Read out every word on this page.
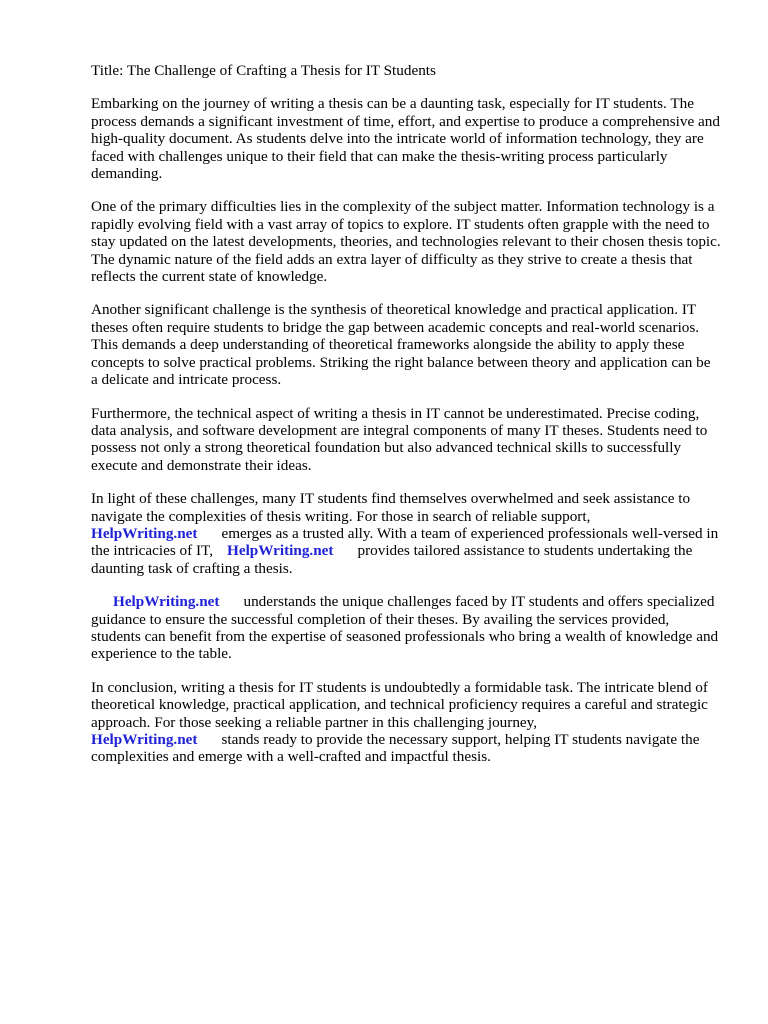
Title: The Challenge of Crafting a Thesis for IT Students

Embarking on the journey of writing a thesis can be a daunting task, especially for IT students. The process demands a significant investment of time, effort, and expertise to produce a comprehensive and high-quality document. As students delve into the intricate world of information technology, they are faced with challenges unique to their field that can make the thesis-writing process particularly demanding.

One of the primary difficulties lies in the complexity of the subject matter. Information technology is a rapidly evolving field with a vast array of topics to explore. IT students often grapple with the need to stay updated on the latest developments, theories, and technologies relevant to their chosen thesis topic. The dynamic nature of the field adds an extra layer of difficulty as they strive to create a thesis that reflects the current state of knowledge.

Another significant challenge is the synthesis of theoretical knowledge and practical application. IT theses often require students to bridge the gap between academic concepts and real-world scenarios. This demands a deep understanding of theoretical frameworks alongside the ability to apply these concepts to solve practical problems. Striking the right balance between theory and application can be a delicate and intricate process.

Furthermore, the technical aspect of writing a thesis in IT cannot be underestimated. Precise coding, data analysis, and software development are integral components of many IT theses. Students need to possess not only a strong theoretical foundation but also advanced technical skills to successfully execute and demonstrate their ideas.

In light of these challenges, many IT students find themselves overwhelmed and seek assistance to navigate the complexities of thesis writing. For those in search of reliable support,
HelpWriting.net emerges as a trusted ally. With a team of experienced professionals well-versed in the intricacies of IT, HelpWriting.net provides tailored assistance to students undertaking the daunting task of crafting a thesis.

HelpWriting.net understands the unique challenges faced by IT students and offers specialized guidance to ensure the successful completion of their theses. By availing the services provided, students can benefit from the expertise of seasoned professionals who bring a wealth of knowledge and experience to the table.

In conclusion, writing a thesis for IT students is undoubtedly a formidable task. The intricate blend of theoretical knowledge, practical application, and technical proficiency requires a careful and strategic approach. For those seeking a reliable partner in this challenging journey,
HelpWriting.net stands ready to provide the necessary support, helping IT students navigate the complexities and emerge with a well-crafted and impactful thesis.
